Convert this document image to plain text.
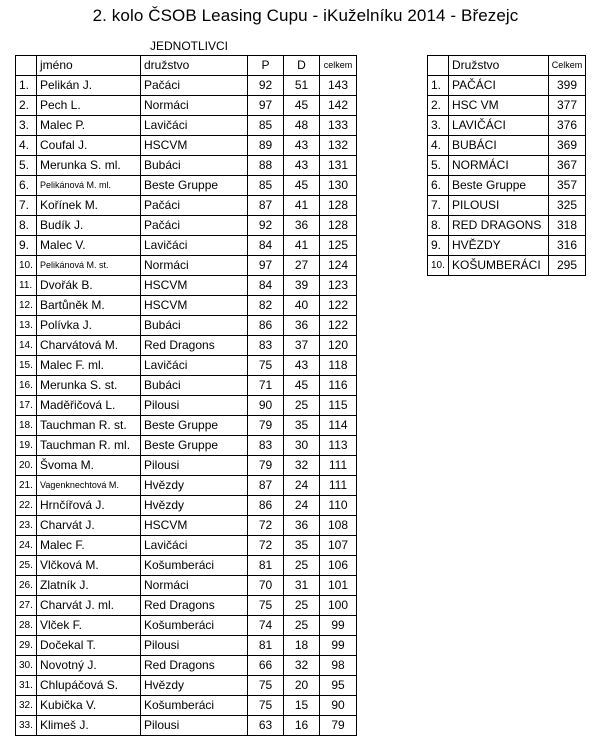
2. kolo ČSOB Leasing Cupu - iKuželníku 2014 - Březejc
JEDNOTLIVCI
	jméno	družstvo	P	D	celkem
1.	Pelikán J.	Pačáci	92	51	143
2.	Pech L.	Normáci	97	45	142
3.	Malec P.	Lavičáci	85	48	133
4.	Coufal J.	HSCVM	89	43	132
5.	Merunka S. ml.	Bubáci	88	43	131
6.	Pelikánová M. ml.	Beste Gruppe	85	45	130
7.	Kořínek M.	Pačáci	87	41	128
8.	Budík J.	Pačáci	92	36	128
9.	Malec V.	Lavičáci	84	41	125
10.	Pelikánová M. st.	Normáci	97	27	124
11.	Dvořák B.	HSCVM	84	39	123
12.	Bartůněk M.	HSCVM	82	40	122
13.	Polívka J.	Bubáci	86	36	122
14.	Charvátová M.	Red Dragons	83	37	120
15.	Malec F. ml.	Lavičáci	75	43	118
16.	Merunka S. st.	Bubáci	71	45	116
17.	Maděřičová L.	Pilousi	90	25	115
18.	Tauchman R. st.	Beste Gruppe	79	35	114
19.	Tauchman R. ml.	Beste Gruppe	83	30	113
20.	Švoma M.	Pilousi	79	32	111
21.	Vagenknechtová M.	Hvězdy	87	24	111
22.	Hrnčířová J.	Hvězdy	86	24	110
23.	Charvát J.	HSCVM	72	36	108
24.	Malec F.	Lavičáci	72	35	107
25.	Vlčková M.	Košumberáci	81	25	106
26.	Zlatník J.	Normáci	70	31	101
27.	Charvát J. ml.	Red Dragons	75	25	100
28.	Vlček F.	Košumberáci	74	25	99
29.	Dočekal T.	Pilousi	81	18	99
30.	Novotný J.	Red Dragons	66	32	98
31.	Chlupáčová S.	Hvězdy	75	20	95
32.	Kubička V.	Košumberáci	75	15	90
33.	Klimeš J.	Pilousi	63	16	79
	Družstvo	Celkem
1.	PAČÁCI	399
2.	HSC VM	377
3.	LAVIČÁCI	376
4.	BUBÁCI	369
5.	NORMÁCI	367
6.	Beste Gruppe	357
7.	PILOUSI	325
8.	RED DRAGONS	318
9.	HVĚZDY	316
10.	KOŠUMBERÁCI	295
